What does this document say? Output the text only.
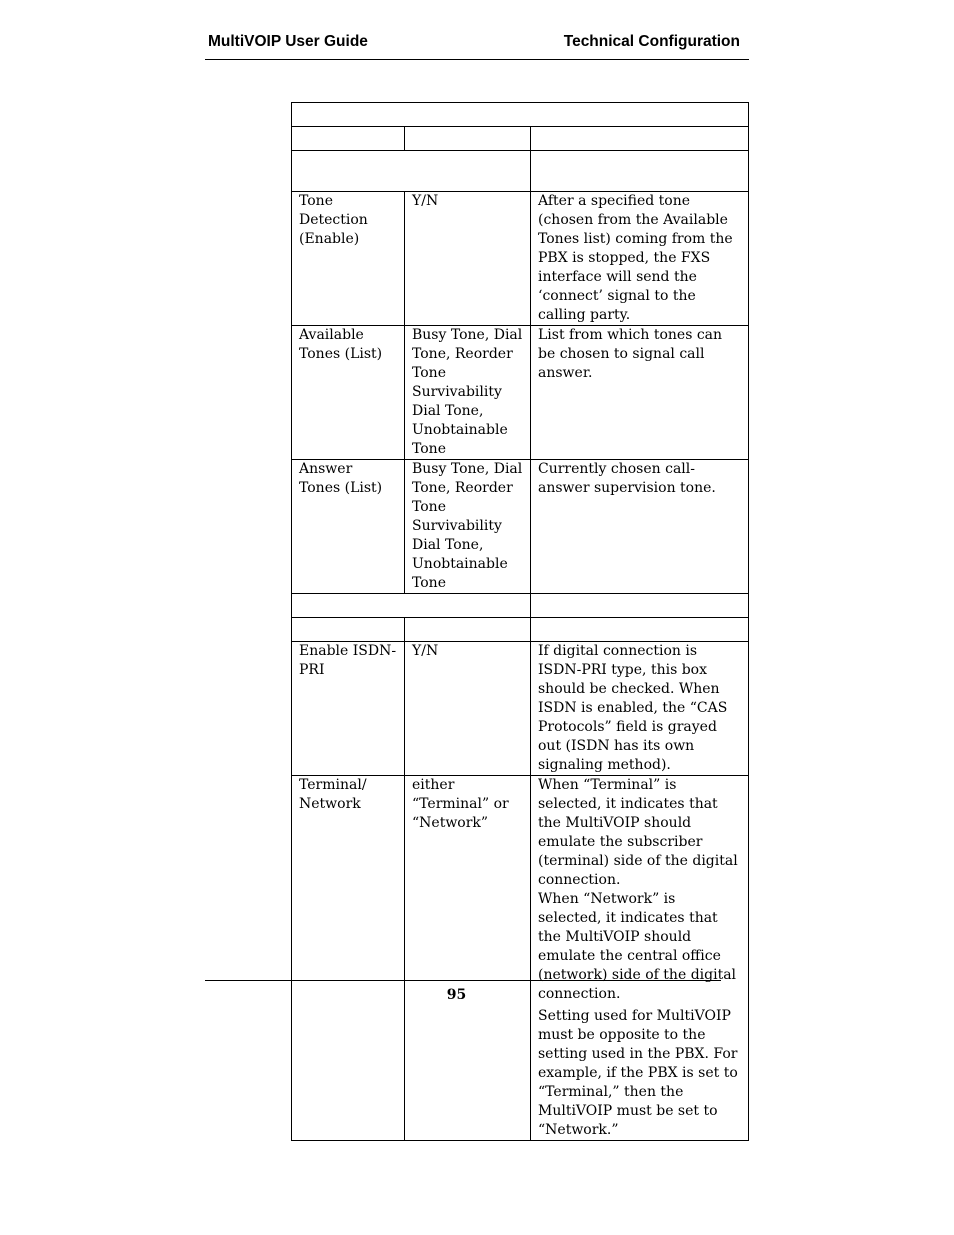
MultiVOIP User Guide	Technical Configuration

Tone Detection (Enable)	Y/N	After a specified tone (chosen from the Available Tones list) coming from the PBX is stopped, the FXS interface will send the ‘connect’ signal to the calling party.
Available Tones (List)	Busy Tone, Dial Tone, Reorder Tone Survivability Dial Tone, Unobtainable Tone	List from which tones can be chosen to signal call answer.
Answer Tones (List)	Busy Tone, Dial Tone, Reorder Tone Survivability Dial Tone, Unobtainable Tone	Currently chosen call-answer supervision tone.

Enable ISDN-PRI	Y/N	If digital connection is ISDN-PRI type, this box should be checked. When ISDN is enabled, the “CAS Protocols” field is grayed out (ISDN has its own signaling method).
Terminal/ Network	either “Terminal” or “Network”	When “Terminal” is selected, it indicates that the MultiVOIP should emulate the subscriber (terminal) side of the digital connection.
When “Network” is selected, it indicates that the MultiVOIP should emulate the central office (network) side of the digital connection.
Setting used for MultiVOIP must be opposite to the setting used in the PBX. For example, if the PBX is set to “Terminal,” then the MultiVOIP must be set to “Network.”
95
